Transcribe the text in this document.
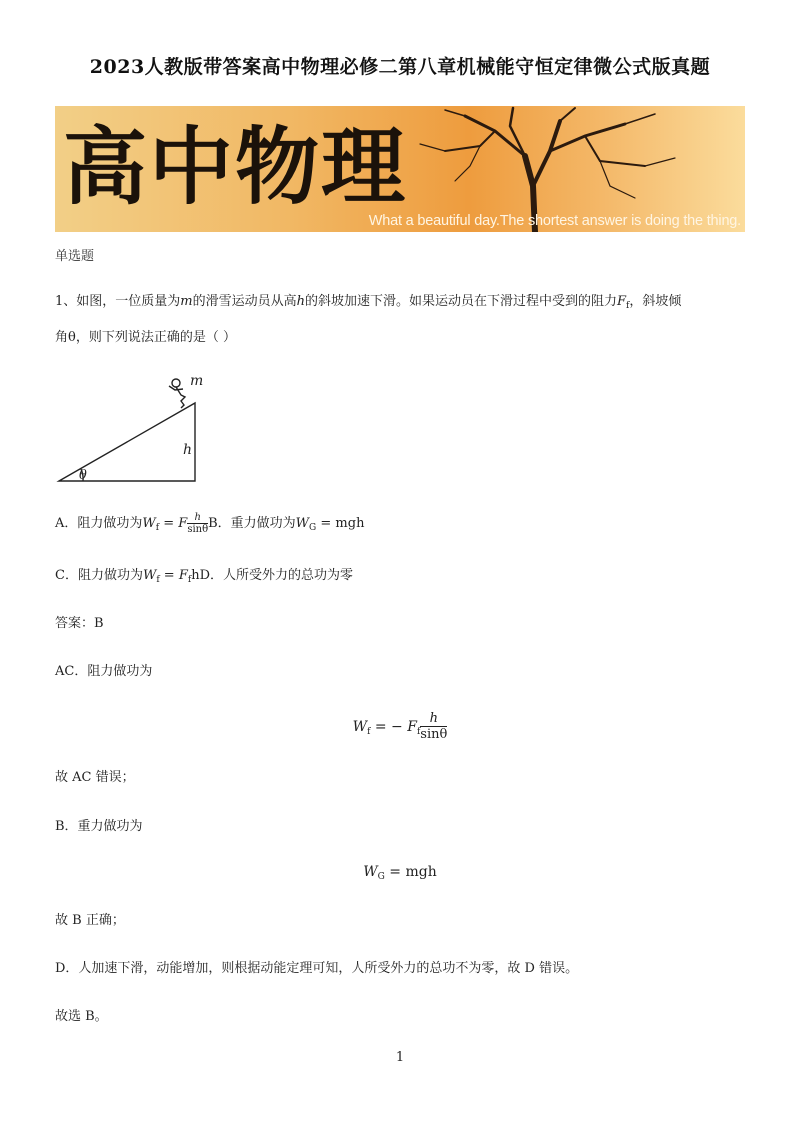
2023人教版带答案高中物理必修二第八章机械能守恒定律微公式版真题
高中物理
What a beautiful day.The shortest answer is doing the thing.
单选题
1、如图，一位质量为m的滑雪运动员从高h的斜坡加速下滑。如果运动员在下滑过程中受到的阻力$F_f$，斜坡倾
角θ，则下列说法正确的是（ ）
m
h
θ
A．阻力做功为$W_f = F \frac{h}{\sin\theta}$ B．重力做功为$W_G$ = mgh
C．阻力做功为$W_f = F_fhD$．人所受外力的总功为零
答案：B
AC．阻力做功为
$W_f$ = − $F_f \frac{h}{\sin\theta}$
故 AC 错误；
B．重力做功为
$W_G$ = mgh
故 B 正确；
D．人加速下滑，动能增加，则根据动能定理可知，人所受外力的总功不为零，故 D 错误。
故选 B。
1
